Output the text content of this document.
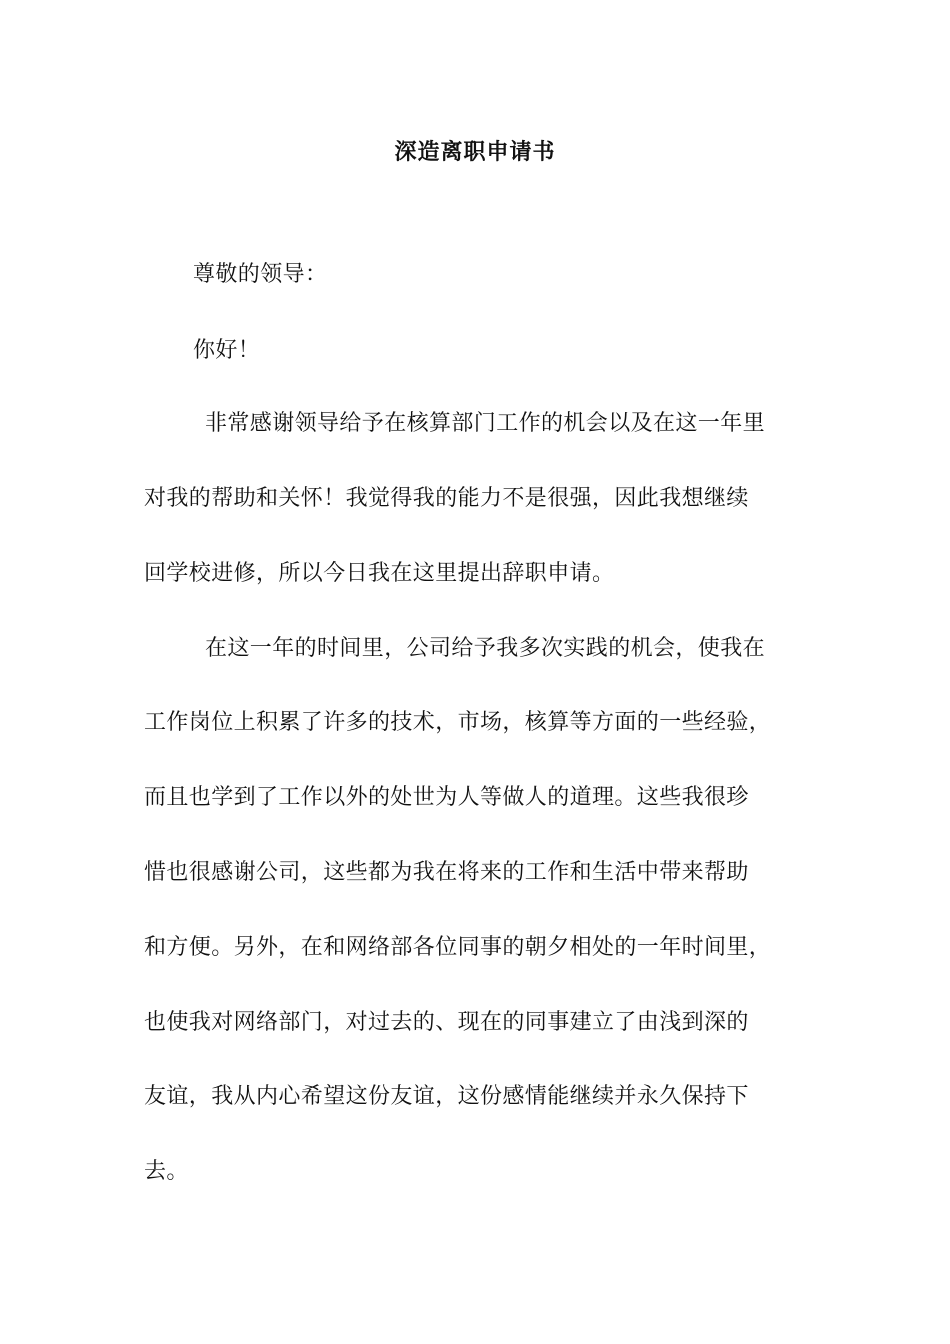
深造离职申请书
尊敬的领导：
你好！
非常感谢领导给予在核算部门工作的机会以及在这一年里
对我的帮助和关怀！我觉得我的能力不是很强，因此我想继续
回学校进修，所以今日我在这里提出辞职申请。
在这一年的时间里，公司给予我多次实践的机会，使我在
工作岗位上积累了许多的技术，市场，核算等方面的一些经验，
而且也学到了工作以外的处世为人等做人的道理。这些我很珍
惜也很感谢公司，这些都为我在将来的工作和生活中带来帮助
和方便。另外，在和网络部各位同事的朝夕相处的一年时间里，
也使我对网络部门，对过去的、现在的同事建立了由浅到深的
友谊，我从内心希望这份友谊，这份感情能继续并永久保持下
去。
